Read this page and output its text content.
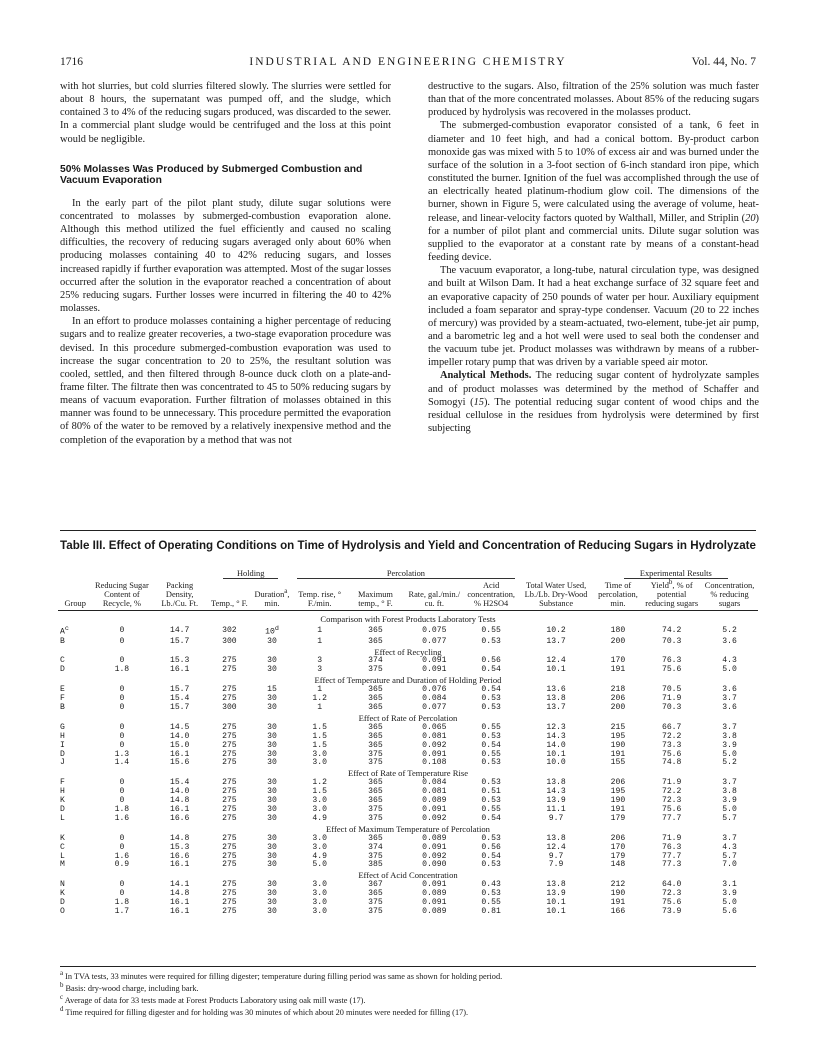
1716	INDUSTRIAL AND ENGINEERING CHEMISTRY	Vol. 44, No. 7

with hot slurries, but cold slurries filtered slowly. The slurries were settled for about 8 hours, the supernatant was pumped off, and the sludge, which contained 3 to 4% of the reducing sugars produced, was discarded to the sewer. In a commercial plant sludge would be centrifuged and the loss at this point would be negligible.

50% Molasses Was Produced by Submerged Combustion and Vacuum Evaporation

In the early part of the pilot plant study, dilute sugar solutions were concentrated to molasses by submerged-combustion evaporation alone. Although this method utilized the fuel efficiently and caused no scaling difficulties, the recovery of reducing sugars averaged only about 60% when producing molasses containing 40 to 42% reducing sugars, and losses increased rapidly if further evaporation was attempted. Most of the sugar losses occurred after the solution in the evaporator reached a concentration of about 25% reducing sugars. Further losses were incurred in filtering the 40 to 42% molasses.

In an effort to produce molasses containing a higher percentage of reducing sugars and to realize greater recoveries, a two-stage evaporation procedure was devised. In this procedure submerged-combustion evaporation was used to increase the sugar concentration to 20 to 25%, the resultant solution was cooled, settled, and then filtered through 8-ounce duck cloth on a plate-and-frame filter. The filtrate then was concentrated to 45 to 50% reducing sugars by means of vacuum evaporation. Further filtration of molasses obtained in this manner was found to be unnecessary. This procedure permitted the evaporation of 80% of the water to be removed by a relatively inexpensive method and the completion of the evaporation by a method that was not

destructive to the sugars. Also, filtration of the 25% solution was much faster than that of the more concentrated molasses. About 85% of the reducing sugars produced by hydrolysis was recovered in the molasses product.

The submerged-combustion evaporator consisted of a tank, 6 feet in diameter and 10 feet high, and had a conical bottom. By-product carbon monoxide gas was mixed with 5 to 10% of excess air and was burned under the surface of the solution in a 3-foot section of 6-inch standard iron pipe, which constituted the burner. Ignition of the fuel was accomplished through the use of an electrically heated platinum-rhodium glow coil. The dimensions of the burner, shown in Figure 5, were calculated using the average of volume, heat-release, and linear-velocity factors quoted by Walthall, Miller, and Striplin (20) for a number of pilot plant and commercial units. Dilute sugar solution was supplied to the evaporator at a constant rate by means of a constant-head feeding device.

The vacuum evaporator, a long-tube, natural circulation type, was designed and built at Wilson Dam. It had a heat exchange surface of 32 square feet and an evaporative capacity of 250 pounds of water per hour. Auxiliary equipment included a foam separator and spray-type condenser. Vacuum (20 to 22 inches of mercury) was provided by a steam-actuated, two-element, tube-jet air pump, and a barometric leg and a hot well were used to seal both the condenser and the vacuum tube jet. Product molasses was withdrawn by means of a rubber-impeller rotary pump that was driven by a variable speed air motor.

Analytical Methods. The reducing sugar content of hydrolyzate samples and of product molasses was determined by the method of Schaffer and Somogyi (15). The potential reducing sugar content of wood chips and the residual cellulose in the residues from hydrolysis were determined by first subjecting

Table III. Effect of Operating Conditions on Time of Hydrolysis and Yield and Concentration of Reducing Sugars in Hydrolyzate
			Holding		Percolation					Experimental Results		
Group	Reducing Sugar Content of Recycle, %	Packing Density, Lb./Cu. Ft.	Temp., ° F.	Duration$^a$, min.	Temp. rise, ° F./min.	Maximum temp., ° F.	Rate, gal./min./ cu. ft.	Acid concentration, % H2SO4	Total Water Used, Lb./Lb. Dry-Wood Substance	Time of percolation, min.	Yield$^b$, % of potential reducing sugars	Concentration, % reducing sugars

Comparison with Forest Products Laboratory Tests												
$A^c$	0	14.7	302	10$^d$	1	365	0.075	0.55	10.2	180	74.2	5.2
B	0	15.7	300	30	1	365	0.077	0.53	13.7	200	70.3	3.6
Effect of Recycling												
C	0	15.3	275	30	3	374	0.091	0.56	12.4	170	76.3	4.3
D	1.8	16.1	275	30	3	375	0.091	0.54	10.1	191	75.6	5.0
Effect of Temperature and Duration of Holding Period												
E	0	15.7	275	15	1	365	0.076	0.54	13.6	218	70.5	3.6
F	0	15.4	275	30	1.2	365	0.084	0.53	13.8	206	71.9	3.7
B	0	15.7	300	30	1	365	0.077	0.53	13.7	200	70.3	3.6
Effect of Rate of Percolation												
G	0	14.5	275	30	1.5	365	0.065	0.55	12.3	215	66.7	3.7
H	0	14.0	275	30	1.5	365	0.081	0.53	14.3	195	72.2	3.8
I	0	15.0	275	30	1.5	365	0.092	0.54	14.0	190	73.3	3.9
D	1.3	16.1	275	30	3.0	375	0.091	0.55	10.1	191	75.6	5.0
J	1.4	15.6	275	30	3.0	375	0.108	0.53	10.0	155	74.8	5.2
Effect of Rate of Temperature Rise												
F	0	15.4	275	30	1.2	365	0.084	0.53	13.8	206	71.9	3.7
H	0	14.0	275	30	1.5	365	0.081	0.51	14.3	195	72.2	3.8
K	0	14.8	275	30	3.0	365	0.089	0.53	13.9	190	72.3	3.9
D	1.8	16.1	275	30	3.0	375	0.091	0.55	11.1	191	75.6	5.0
L	1.6	16.6	275	30	4.9	375	0.092	0.54	9.7	179	77.7	5.7
Effect of Maximum Temperature of Percolation												
K	0	14.8	275	30	3.0	365	0.089	0.53	13.8	206	71.9	3.7
C	0	15.3	275	30	3.0	374	0.091	0.56	12.4	170	76.3	4.3
L	1.6	16.6	275	30	4.9	375	0.092	0.54	9.7	179	77.7	5.7
M	0.9	16.1	275	30	5.0	385	0.090	0.53	7.9	148	77.3	7.0
Effect of Acid Concentration												
N	0	14.1	275	30	3.0	367	0.091	0.43	13.8	212	64.0	3.1
K	0	14.8	275	30	3.0	365	0.089	0.53	13.9	190	72.3	3.9
D	1.8	16.1	275	30	3.0	375	0.091	0.55	10.1	191	75.6	5.0
O	1.7	16.1	275	30	3.0	375	0.089	0.81	10.1	166	73.9	5.6
$^a$ In TVA tests, 33 minutes were required for filling digester; temperature during filling period was same as shown for holding period.
$^b$ Basis: dry-wood charge, including bark.
$^c$ Average of data for 33 tests made at Forest Products Laboratory using oak mill waste (17).
$^d$ Time required for filling digester and for holding was 30 minutes of which about 20 minutes were needed for filling (17).
